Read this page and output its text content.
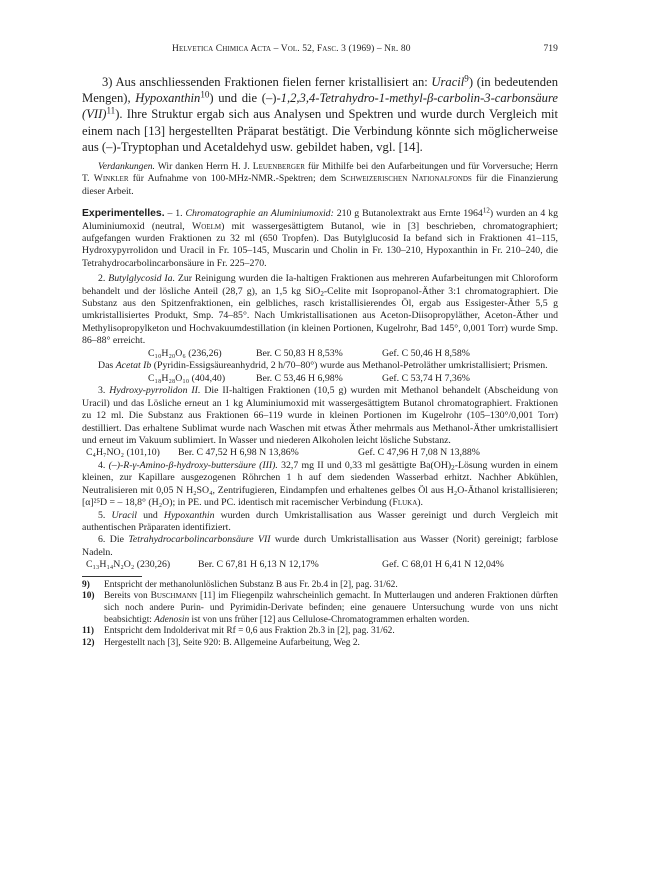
Helvetica Chimica Acta – Vol. 52, Fasc. 3 (1969) – Nr. 80	719

3) Aus anschliessenden Fraktionen fielen ferner kristallisiert an: Uracil$^9$) (in bedeutenden Mengen), Hypoxanthin$^{10}$) und die (–)-1,2,3,4-Tetrahydro-1-methyl-β-carbolin-3-carbonsäure (VII)$^{11}$). Ihre Struktur ergab sich aus Analysen und Spektren und wurde durch Vergleich mit einem nach [13] hergestellten Präparat bestätigt. Die Verbindung könnte sich möglicherweise aus (–)-Tryptophan und Acetaldehyd usw. gebildet haben, vgl. [14].

Verdankungen. Wir danken Herrn H. J. Leuenberger für Mithilfe bei den Aufarbeitungen und für Vorversuche; Herrn T. Winkler für Aufnahme von 100-MHz-NMR.-Spektren; dem Schweizerischen Nationalfonds für die Finanzierung dieser Arbeit.

Experimentelles. – 1. Chromatographie an Aluminiumoxid: 210 g Butanolextrakt aus Ernte 1964$^{12}$) wurden an 4 kg Aluminiumoxid (neutral, Woelm) mit wassergesättigtem Butanol, wie in [3] beschrieben, chromatographiert; aufgefangen wurden Fraktionen zu 32 ml (650 Tropfen). Das Butylglucosid Ia befand sich in Fraktionen 41–115, Hydroxypyrrolidon und Uracil in Fr. 105–145, Muscarin und Cholin in Fr. 130–210, Hypoxanthin in Fr. 210–240, die Tetrahydrocarbolincarbonsäure in Fr. 225–270.

2. Butylglycosid Ia. Zur Reinigung wurden die Ia-haltigen Fraktionen aus mehreren Aufarbeitungen mit Chloroform behandelt und der lösliche Anteil (28,7 g), an 1,5 kg SiO$_2$-Celite mit Isopropanol-Äther 3:1 chromatographiert. Die Substanz aus den Spitzenfraktionen, ein gelbliches, rasch kristallisierendes Öl, ergab aus Essigester-Äther 5,5 g umkristallisiertes Produkt, Smp. 74–85°. Nach Umkristallisationen aus Aceton-Diisopropyläther, Aceton-Äther und Methylisopropylketon und Hochvakuumdestillation (in kleinen Portionen, Kugelrohr, Bad 145°, 0,001 Torr) wurde Smp. 86–88° erreicht.

C₁₀H₂₀O₆ (236,26)	Ber. C 50,83 H 8,53%	Gef. C 50,46 H 8,58%

Das Acetat Ib (Pyridin-Essigsäureanhydrid, 2 h/70–80°) wurde aus Methanol-Petroläther umkristallisiert; Prismen.

C₁₈H₂₈O₁₀ (404,40)	Ber. C 53,46 H 6,98%	Gef. C 53,74 H 7,36%

3. Hydroxy-pyrrolidon II. Die II-haltigen Fraktionen (10,5 g) wurden mit Methanol behandelt (Abscheidung von Uracil) und das Lösliche erneut an 1 kg Aluminiumoxid mit wassergesättigtem Butanol chromatographiert. Fraktionen zu 12 ml. Die Substanz aus Fraktionen 66–119 wurde in kleinen Portionen im Kugelrohr (105–130°/0,001 Torr) destilliert. Das erhaltene Sublimat wurde nach Waschen mit etwas Äther mehrmals aus Methanol-Äther umkristallisiert und erneut im Vakuum sublimiert. In Wasser und niederen Alkoholen leicht lösliche Substanz.

C₄H₇NO₂ (101,10)	Ber. C 47,52 H 6,98 N 13,86%	Gef. C 47,96 H 7,08 N 13,88%

4. (–)-R-γ-Amino-β-hydroxy-buttersäure (III). 32,7 mg II und 0,33 ml gesättigte $Ba(OH)_2$-Lösung wurden in einem kleinen, zur Kapillare ausgezogenen Röhrchen 1 h auf dem siedenden Wasserbad erhitzt. Nachher Abkühlen, Neutralisieren mit 0,05 N H₂SO₄, Zentrifugieren, Eindampfen und erhaltenes gelbes Öl aus H₂O-Äthanol kristallisieren; [α]²⁵D = – 18,8° (H₂O); in PE. und PC. identisch mit racemischer Verbindung (Fluka).

5. Uracil und Hypoxanthin wurden durch Umkristallisation aus Wasser gereinigt und durch Vergleich mit authentischen Präparaten identifiziert.

6. Die Tetrahydrocarbolincarbonsäure VII wurde durch Umkristallisation aus Wasser (Norit) gereinigt; farblose Nadeln.

C₁₃H₁₄N₂O₂ (230,26)	Ber. C 67,81 H 6,13 N 12,17%	Gef. C 68,01 H 6,41 N 12,04%

9) Entspricht der methanolunlöslichen Substanz B aus Fr. 2b.4 in [2], pag. 31/62.

10) Bereits von Buschmann [11] im Fliegenpilz wahrscheinlich gemacht. In Mutterlaugen und anderen Fraktionen dürften sich noch andere Purin- und Pyrimidin-Derivate befinden; eine genauere Untersuchung wurde von uns nicht beabsichtigt: Adenosin ist von uns früher [12] aus Cellulose-Chromatogrammen erhalten worden.

11) Entspricht dem Indolderivat mit Rf = 0,6 aus Fraktion 2b.3 in [2], pag. 31/62.

12) Hergestellt nach [3], Seite 920: B. Allgemeine Aufarbeitung, Weg 2.
